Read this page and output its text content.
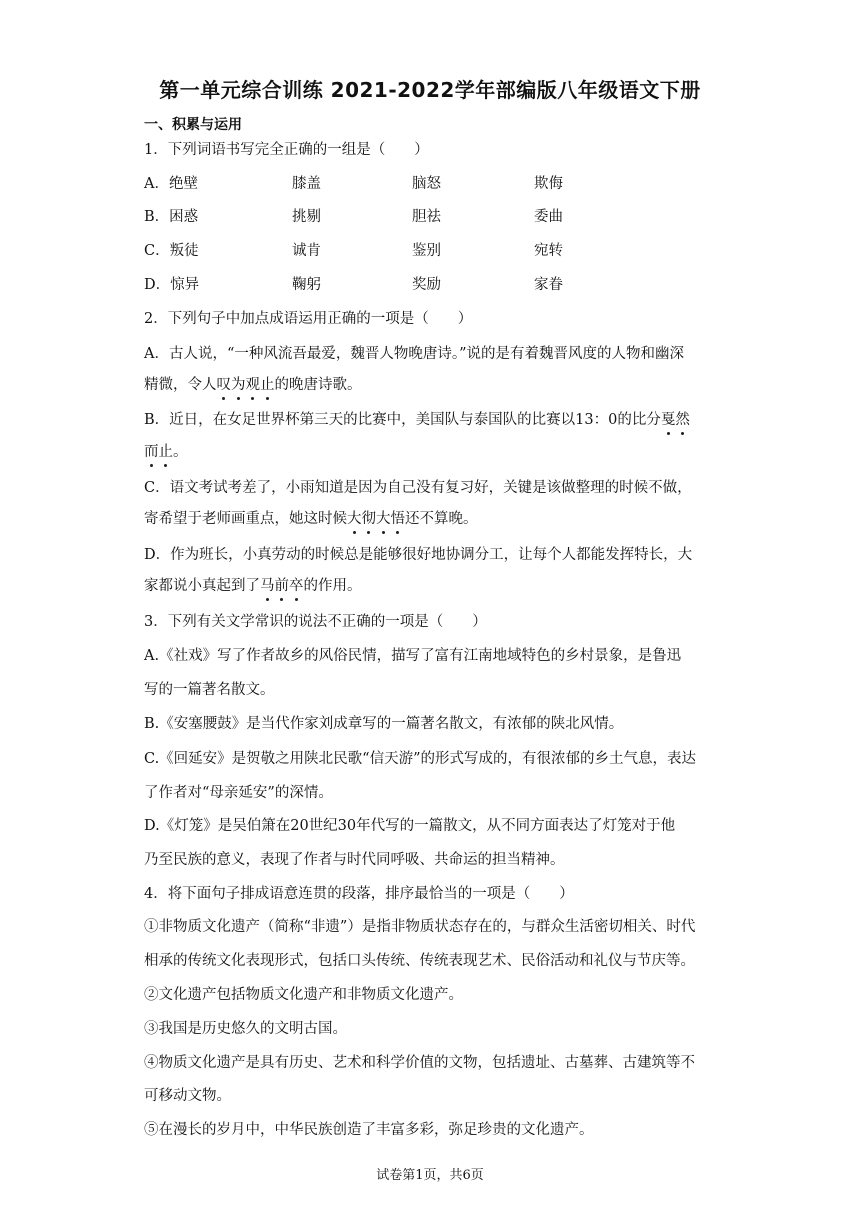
第一单元综合训练 2021-2022学年部编版八年级语文下册
一、积累与运用
1．下列词语书写完全正确的一组是（　　）
A．绝壁	膝盖	脑怒	欺侮
B．困惑	挑剔	胆祛	委曲
C．叛徒	诚肯	鉴别	宛转
D．惊异	鞠躬	奖励	家眷
2．下列句子中加点成语运用正确的一项是（　　）
A．古人说，“一种风流吾最爱，魏晋人物晚唐诗。”说的是有着魏晋风度的人物和幽深
精微，令人叹为观止的晚唐诗歌。
B．近日，在女足世界杯第三天的比赛中，美国队与泰国队的比赛以13：0的比分戛然
而止。
C．语文考试考差了，小雨知道是因为自己没有复习好，关键是该做整理的时候不做，
寄希望于老师画重点，她这时候大彻大悟还不算晚。
D．作为班长，小真劳动的时候总是能够很好地协调分工，让每个人都能发挥特长，大
家都说小真起到了马前卒的作用。
3．下列有关文学常识的说法不正确的一项是（　　）
A.《社戏》写了作者故乡的风俗民情，描写了富有江南地域特色的乡村景象，是鲁迅
写的一篇著名散文。
B.《安塞腰鼓》是当代作家刘成章写的一篇著名散文，有浓郁的陕北风情。
C.《回延安》是贺敬之用陕北民歌“信天游”的形式写成的，有很浓郁的乡土气息，表达
了作者对“母亲延安”的深情。
D.《灯笼》是吴伯箫在20世纪30年代写的一篇散文，从不同方面表达了灯笼对于他
乃至民族的意义，表现了作者与时代同呼吸、共命运的担当精神。
4．将下面句子排成语意连贯的段落，排序最恰当的一项是（　　）
①非物质文化遗产（简称“非遗”）是指非物质状态存在的，与群众生活密切相关、时代
相承的传统文化表现形式，包括口头传统、传统表现艺术、民俗活动和礼仪与节庆等。
②文化遗产包括物质文化遗产和非物质文化遗产。
③我国是历史悠久的文明古国。
④物质文化遗产是具有历史、艺术和科学价值的文物，包括遗址、古墓葬、古建筑等不
可移动文物。
⑤在漫长的岁月中，中华民族创造了丰富多彩，弥足珍贵的文化遗产。
试卷第1页，共6页
